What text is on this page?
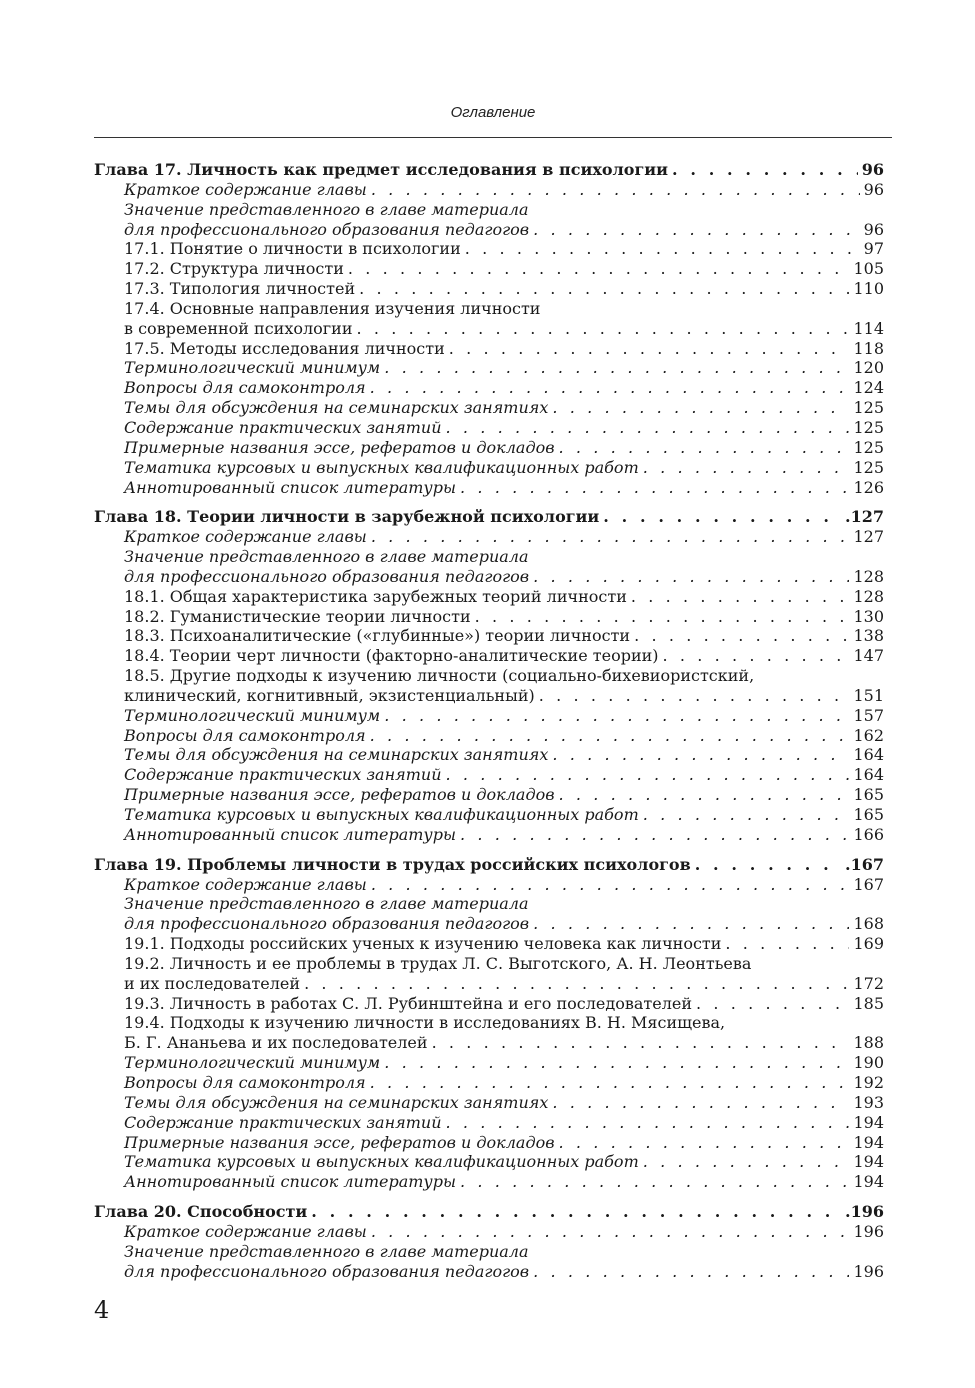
Оглавление
Глава 17. Личность как предмет исследования в психологии . . .	96
Краткое содержание главы . . .	96
Значение представленного в главе материала
для профессионального образования педагогов . . .	96
17.1. Понятие о личности в психологии . . .	97
17.2. Структура личности . . .	105
17.3. Типология личностей . . .	110
17.4. Основные направления изучения личности
в современной психологии . . .	114
17.5. Методы исследования личности . . .	118
Терминологический минимум . . .	120
Вопросы для самоконтроля . . .	124
Темы для обсуждения на семинарских занятиях . . .	125
Содержание практических занятий . . .	125
Примерные названия эссе, рефератов и докладов . . .	125
Тематика курсовых и выпускных квалификационных работ . . .	125
Аннотированный список литературы . . .	126
Глава 18. Теории личности в зарубежной психологии . . .	.127
Краткое содержание главы . . .	127
Значение представленного в главе материала
для профессионального образования педагогов . . .	128
18.1. Общая характеристика зарубежных теорий личности . . .	128
18.2. Гуманистические теории личности . . .	130
18.3. Психоаналитические («глубинные») теории личности . . .	138
18.4. Теории черт личности (факторно-аналитические теории) . . .	147
18.5. Другие подходы к изучению личности (социально-бихевиористский,
клинический, когнитивный, экзистенциальный) . . .	151
Терминологический минимум . . .	157
Вопросы для самоконтроля . . .	162
Темы для обсуждения на семинарских занятиях . . .	164
Содержание практических занятий . . .	164
Примерные названия эссе, рефератов и докладов . . .	165
Тематика курсовых и выпускных квалификационных работ . . .	165
Аннотированный список литературы . . .	166
Глава 19. Проблемы личности в трудах российских психологов . . .	.167
Краткое содержание главы . . .	167
Значение представленного в главе материала
для профессионального образования педагогов . . .	168
19.1. Подходы российских ученых к изучению человека как личности . . .	169
19.2. Личность и ее проблемы в трудах Л. С. Выготского, А. Н. Леонтьева
и их последователей . . .	172
19.3. Личность в работах С. Л. Рубинштейна и его последователей . . .	185
19.4. Подходы к изучению личности в исследованиях В. Н. Мясищева,
Б. Г. Ананьева и их последователей . . .	188
Терминологический минимум . . .	190
Вопросы для самоконтроля . . .	192
Темы для обсуждения на семинарских занятиях . . .	193
Содержание практических занятий . . .	194
Примерные названия эссе, рефератов и докладов . . .	194
Тематика курсовых и выпускных квалификационных работ . . .	194
Аннотированный список литературы . . .	194
Глава 20. Способности . . .	.196
Краткое содержание главы . . .	196
Значение представленного в главе материала
для профессионального образования педагогов . . .	196
4
